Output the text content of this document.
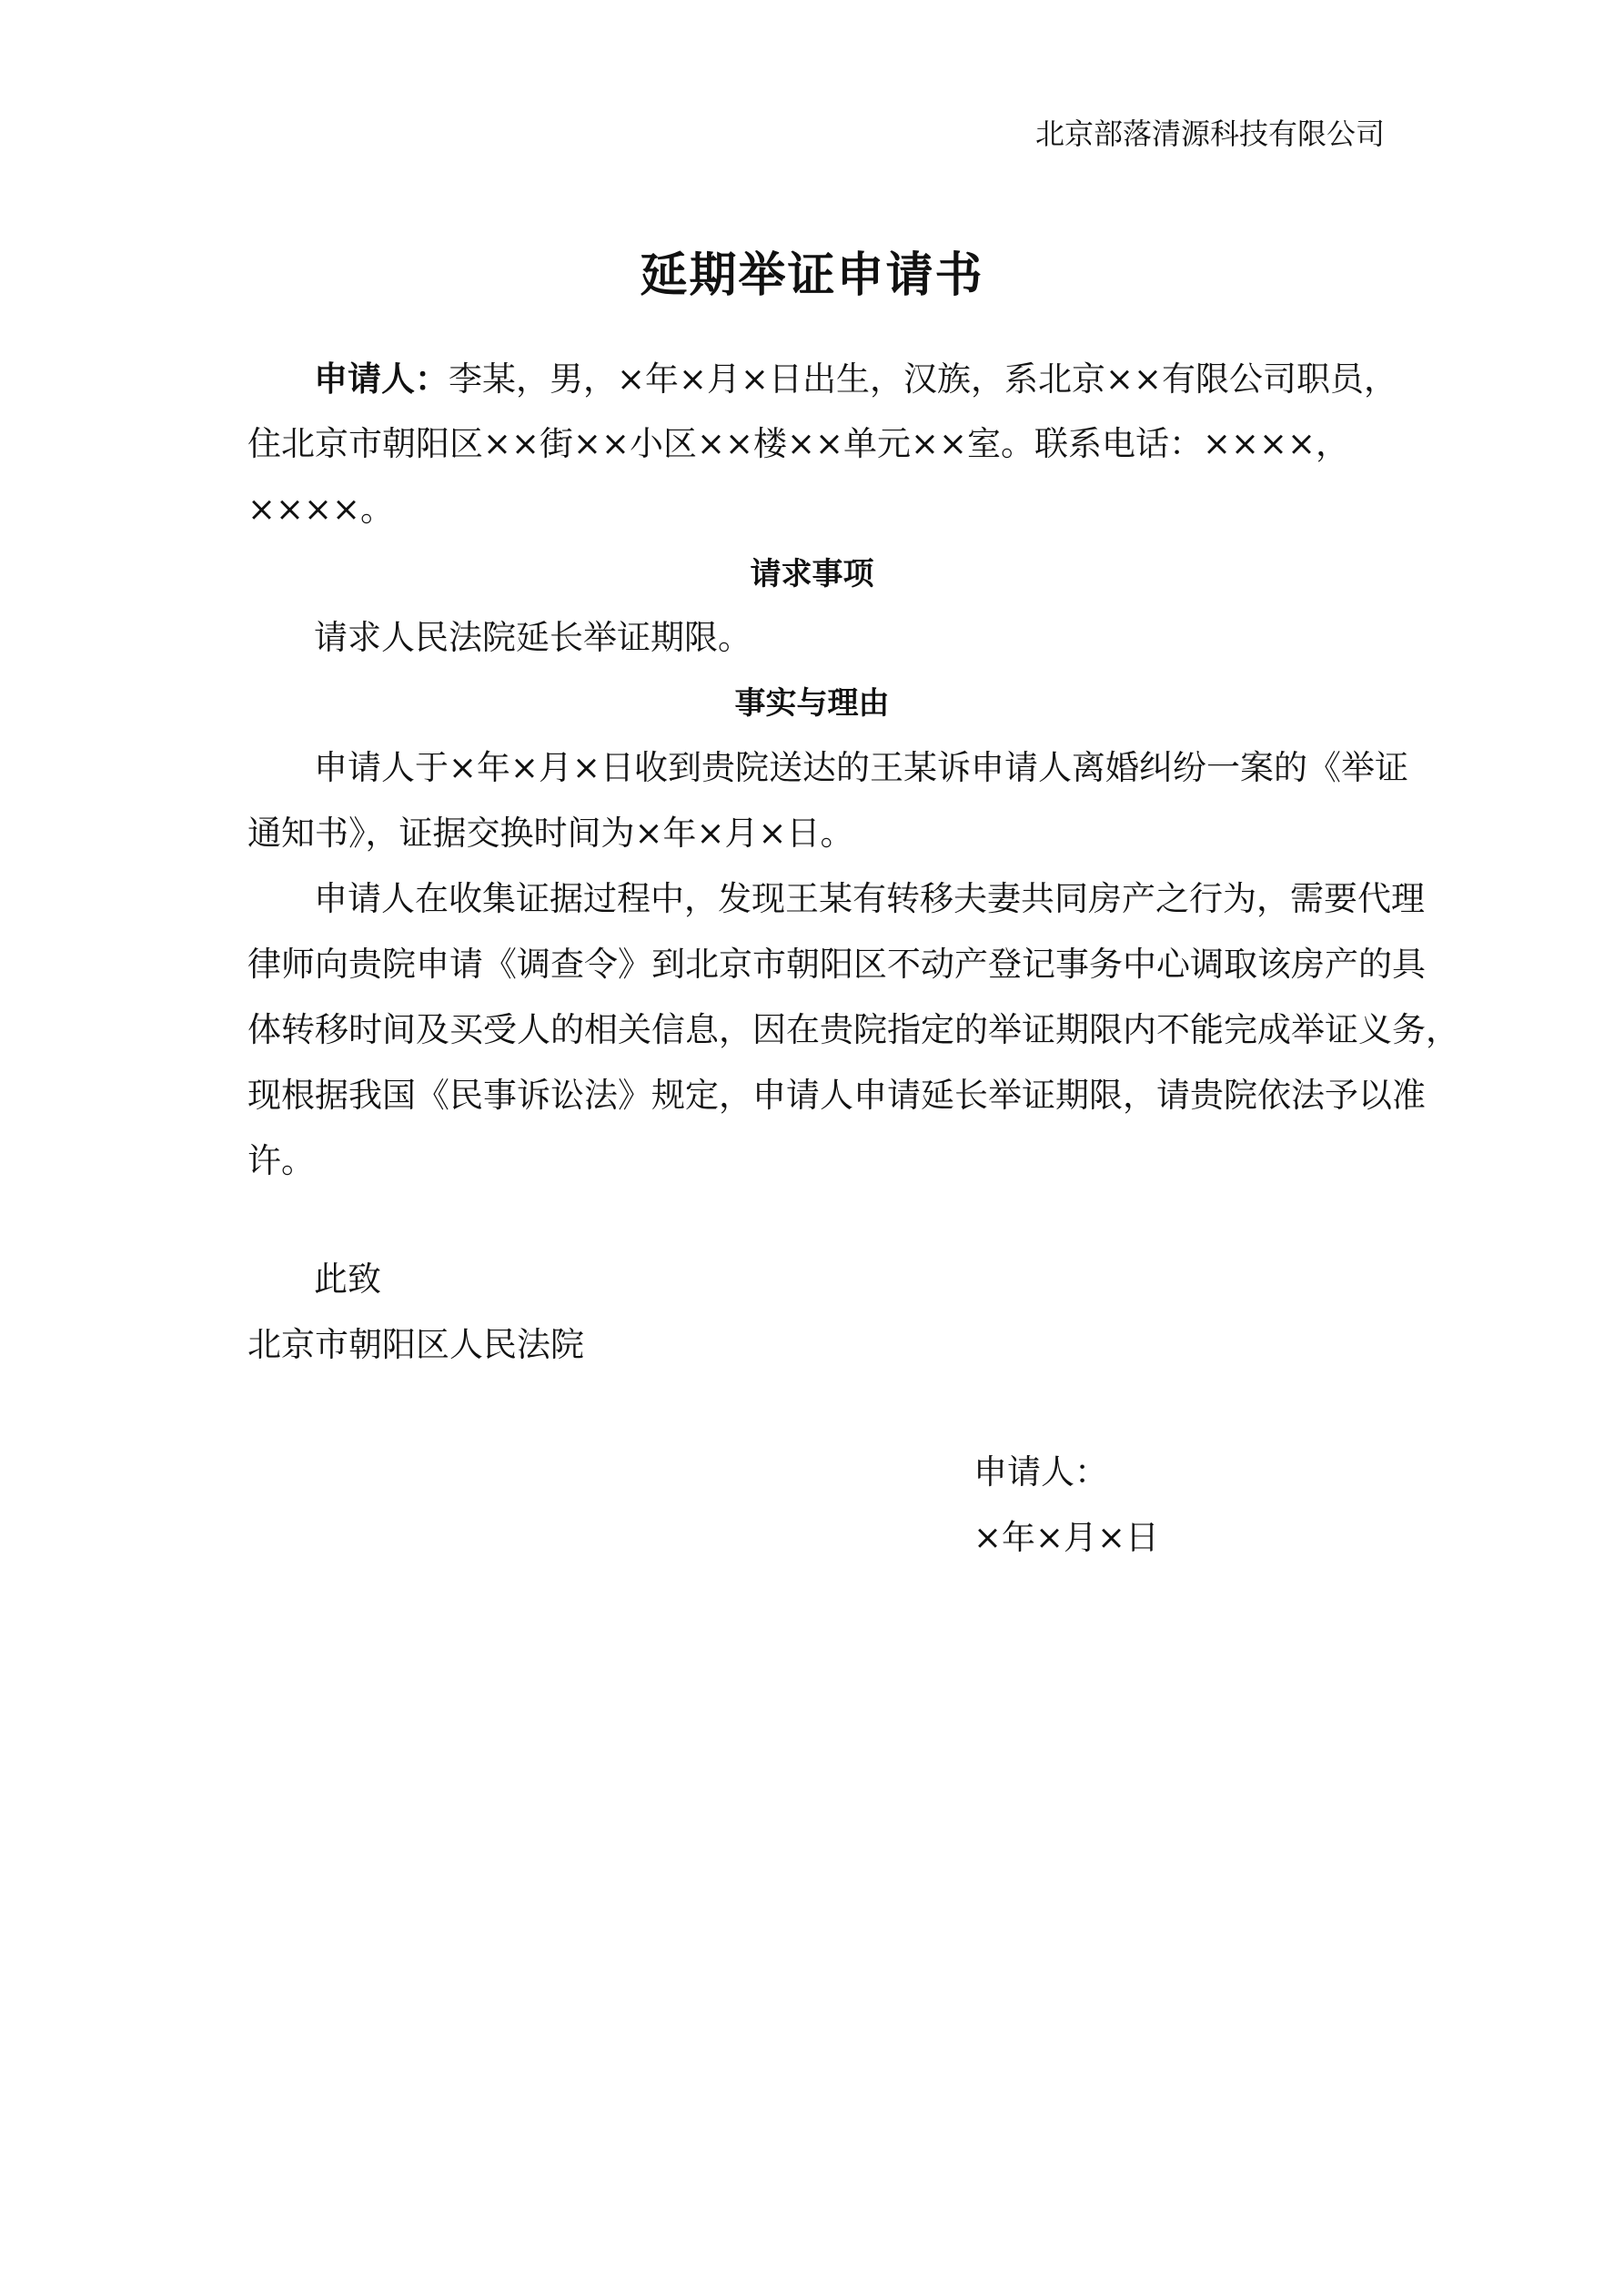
北京部落清源科技有限公司

延期举证申请书

申请人：李某，男，×年×月×日出生，汉族，系北京××有限公司职员，

住北京市朝阳区××街××小区××楼××单元××室。联系电话：××××，

××××。

请求事项

请求人民法院延长举证期限。

事实与理由

申请人于×年×月×日收到贵院送达的王某诉申请人离婚纠纷一案的《举证

通知书》，证据交换时间为×年×月×日。

申请人在收集证据过程中，发现王某有转移夫妻共同房产之行为，需要代理

律师向贵院申请《调查令》到北京市朝阳区不动产登记事务中心调取该房产的具

体转移时间及买受人的相关信息，因在贵院指定的举证期限内不能完成举证义务，

现根据我国《民事诉讼法》规定，申请人申请延长举证期限，请贵院依法予以准

许。

此致

北京市朝阳区人民法院

申请人：

×年×月×日
